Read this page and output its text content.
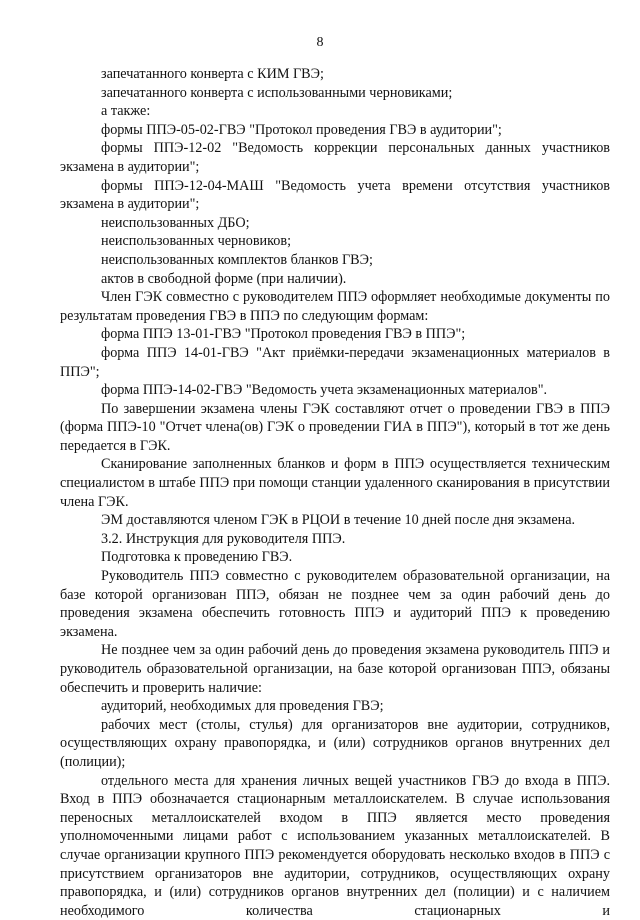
8

запечатанного конверта с КИМ ГВЭ;

запечатанного конверта с использованными черновиками;

а также:

формы ППЭ-05-02-ГВЭ "Протокол проведения ГВЭ в аудитории";

формы ППЭ-12-02 "Ведомость коррекции персональных данных участников экзамена в аудитории";

формы ППЭ-12-04-МАШ "Ведомость учета времени отсутствия участников экзамена в аудитории";

неиспользованных ДБО;

неиспользованных черновиков;

неиспользованных комплектов бланков ГВЭ;

актов в свободной форме (при наличии).

Член ГЭК совместно с руководителем ППЭ оформляет необходимые документы по результатам проведения ГВЭ в ППЭ по следующим формам:

форма ППЭ 13-01-ГВЭ "Протокол проведения ГВЭ в ППЭ";

форма ППЭ 14-01-ГВЭ "Акт приёмки-передачи экзаменационных материалов в ППЭ";

форма ППЭ-14-02-ГВЭ "Ведомость учета экзаменационных материалов".

По завершении экзамена члены ГЭК составляют отчет о проведении ГВЭ в ППЭ (форма ППЭ-10 "Отчет члена(ов) ГЭК о проведении ГИА в ППЭ"), который в тот же день передается в ГЭК.

Сканирование заполненных бланков и форм в ППЭ осуществляется техническим специалистом в штабе ППЭ при помощи станции удаленного сканирования в присутствии члена ГЭК.

ЭМ доставляются членом ГЭК в РЦОИ в течение 10 дней после дня экзамена.

3.2. Инструкция для руководителя ППЭ.

Подготовка к проведению ГВЭ.

Руководитель ППЭ совместно с руководителем образовательной организации, на базе которой организован ППЭ, обязан не позднее чем за один рабочий день до проведения экзамена обеспечить готовность ППЭ и аудиторий ППЭ к проведению экзамена.

Не позднее чем за один рабочий день до проведения экзамена руководитель ППЭ и руководитель образовательной организации, на базе которой организован ППЭ, обязаны обеспечить и проверить наличие:

аудиторий, необходимых для проведения ГВЭ;

рабочих мест (столы, стулья) для организаторов вне аудитории, сотрудников, осуществляющих охрану правопорядка, и (или) сотрудников органов внутренних дел (полиции);

отдельного места для хранения личных вещей участников ГВЭ до входа в ППЭ. Вход в ППЭ обозначается стационарным металлоискателем. В случае использования переносных металлоискателей входом в ППЭ является место проведения уполномоченными лицами работ с использованием указанных металлоискателей. В случае организации крупного ППЭ рекомендуется оборудовать несколько входов в ППЭ с присутствием организаторов вне аудитории, сотрудников, осуществляющих охрану правопорядка, и (или) сотрудников органов внутренних дел (полиции) и с наличием необходимого количества стационарных и
